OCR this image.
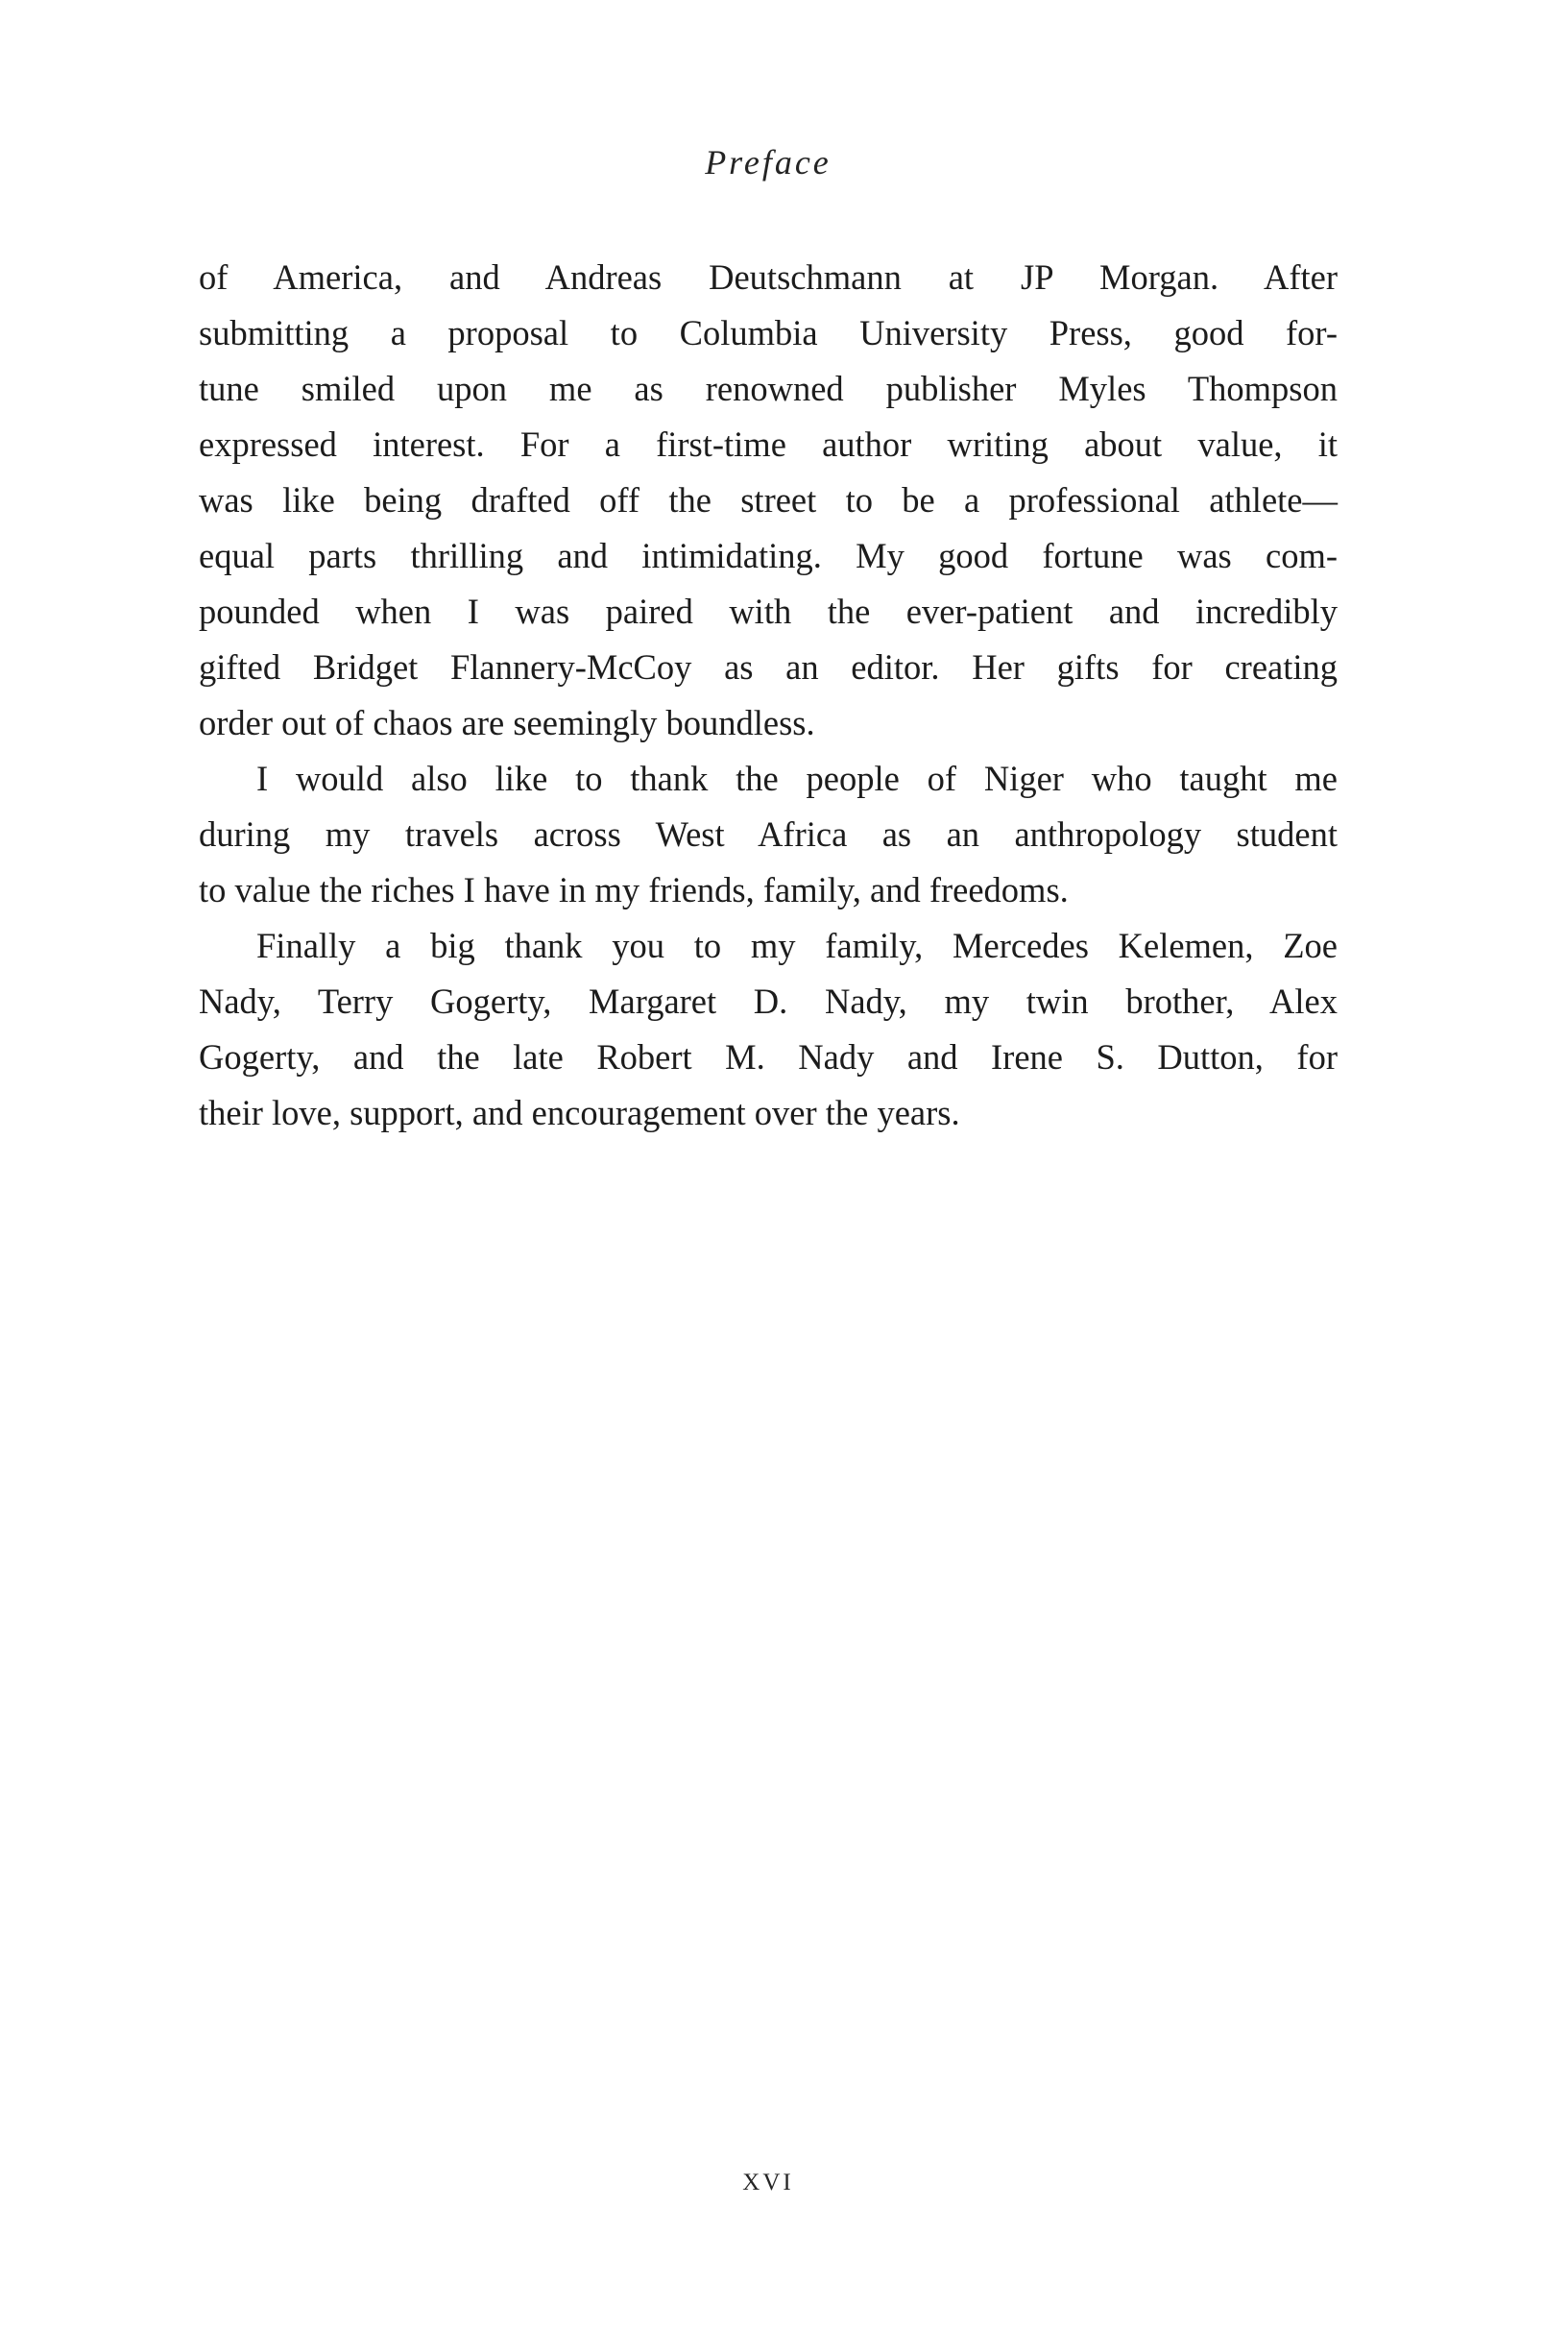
Preface
of America, and Andreas Deutschmann at JP Morgan. After
submitting a proposal to Columbia University Press, good for-
tune smiled upon me as renowned publisher Myles Thompson
expressed interest. For a first-time author writing about value, it
was like being drafted off the street to be a professional athlete—
equal parts thrilling and intimidating. My good fortune was com-
pounded when I was paired with the ever-patient and incredibly
gifted Bridget Flannery-McCoy as an editor. Her gifts for creating
order out of chaos are seemingly boundless.
I would also like to thank the people of Niger who taught me
during my travels across West Africa as an anthropology student
to value the riches I have in my friends, family, and freedoms.
Finally a big thank you to my family, Mercedes Kelemen, Zoe
Nady, Terry Gogerty, Margaret D. Nady, my twin brother, Alex
Gogerty, and the late Robert M. Nady and Irene S. Dutton, for
their love, support, and encouragement over the years.
XVI
